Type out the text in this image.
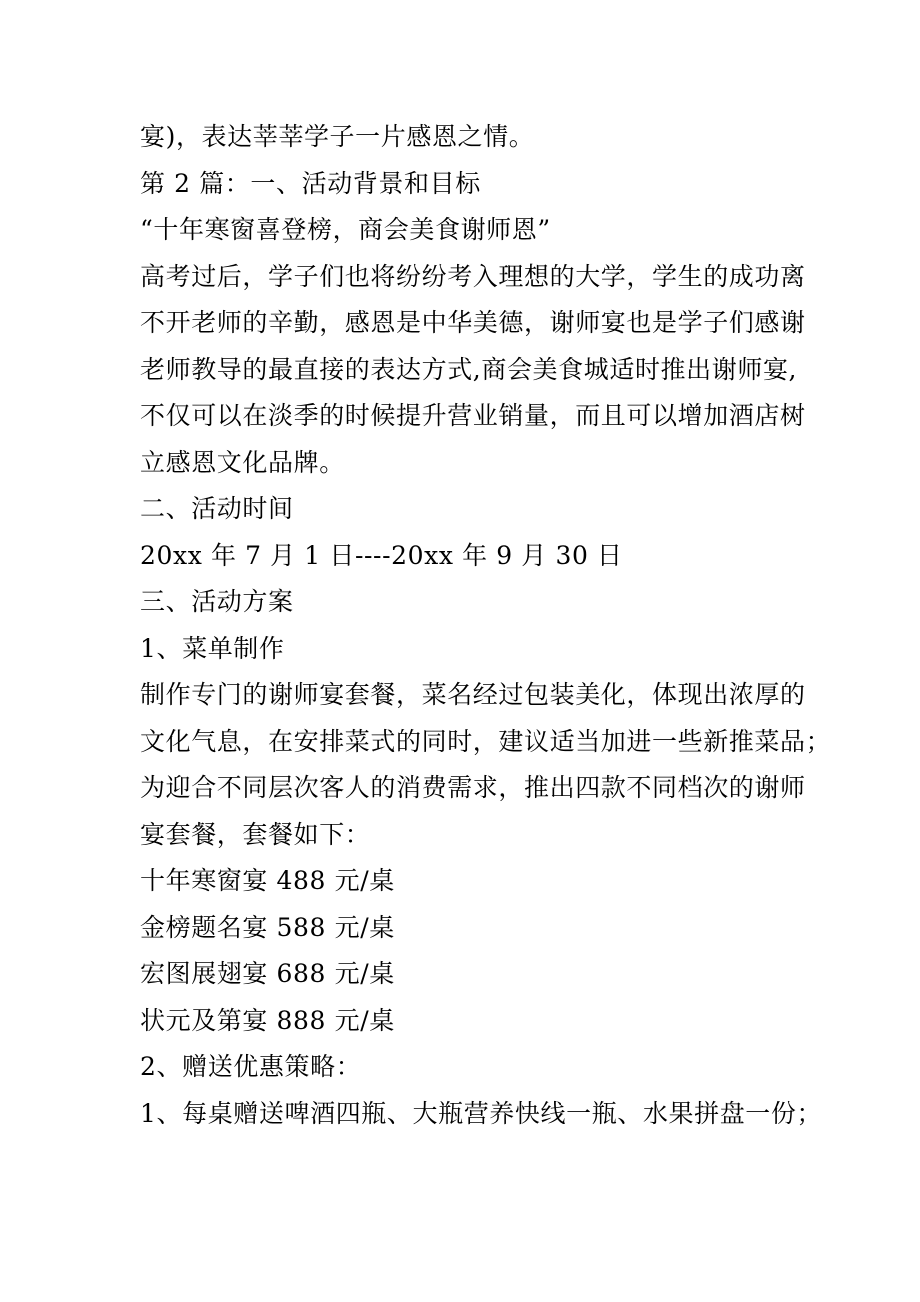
宴)，表达莘莘学子一片感恩之情。
第 2 篇：一、活动背景和目标
“十年寒窗喜登榜，商会美食谢师恩”
高考过后，学子们也将纷纷考入理想的大学，学生的成功离
不开老师的辛勤，感恩是中华美德，谢师宴也是学子们感谢
老师教导的最直接的表达方式,商会美食城适时推出谢师宴,
不仅可以在淡季的时候提升营业销量，而且可以增加酒店树
立感恩文化品牌。
二、活动时间
20xx 年 7 月 1 日----20xx 年 9 月 30 日
三、活动方案
1、菜单制作
制作专门的谢师宴套餐，菜名经过包装美化，体现出浓厚的
文化气息，在安排菜式的同时，建议适当加进一些新推菜品；
为迎合不同层次客人的消费需求，推出四款不同档次的谢师
宴套餐，套餐如下：
十年寒窗宴 488 元/桌
金榜题名宴 588 元/桌
宏图展翅宴 688 元/桌
状元及第宴 888 元/桌
2、赠送优惠策略：
1、每桌赠送啤酒四瓶、大瓶营养快线一瓶、水果拼盘一份；
